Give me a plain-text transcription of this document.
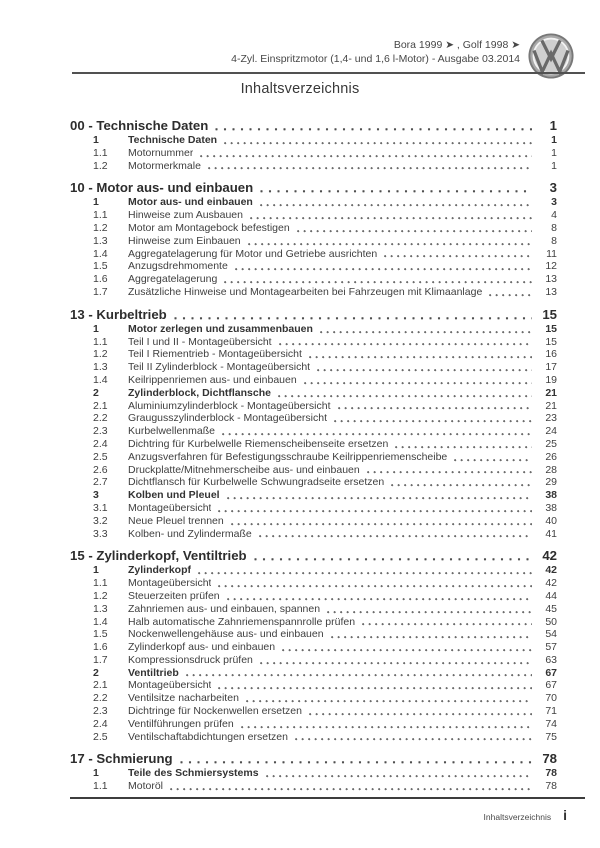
Bora 1999 ➤ , Golf 1998 ➤
4-Zyl. Einspritzmotor (1,4- und 1,6 l-Motor) - Ausgabe 03.2014
Inhaltsverzeichnis
00 - Technische Daten	1
1	Technische Daten	1
1.1	Motornummer	1
1.2	Motormerkmale	1
10 - Motor aus- und einbauen	3
1	Motor aus- und einbauen	3
1.1	Hinweise zum Ausbauen	4
1.2	Motor am Montagebock befestigen	8
1.3	Hinweise zum Einbauen	8
1.4	Aggregatelagerung für Motor und Getriebe ausrichten	11
1.5	Anzugsdrehmomente	12
1.6	Aggregatelagerung	13
1.7	Zusätzliche Hinweise und Montagearbeiten bei Fahrzeugen mit Klimaanlage	13
13 - Kurbeltrieb	15
1	Motor zerlegen und zusammenbauen	15
1.1	Teil I und II - Montageübersicht	15
1.2	Teil I Riementrieb - Montageübersicht	16
1.3	Teil II Zylinderblock - Montageübersicht	17
1.4	Keilrippenriemen aus- und einbauen	19
2	Zylinderblock, Dichtflansche	21
2.1	Aluminiumzylinderblock - Montageübersicht	21
2.2	Graugusszylinderblock - Montageübersicht	23
2.3	Kurbelwellenmaße	24
2.4	Dichtring für Kurbelwelle Riemenscheibenseite ersetzen	25
2.5	Anzugsverfahren für Befestigungsschraube Keilrippenriemenscheibe	26
2.6	Druckplatte/Mitnehmerscheibe aus- und einbauen	28
2.7	Dichtflansch für Kurbelwelle Schwungradseite ersetzen	29
3	Kolben und Pleuel	38
3.1	Montageübersicht	38
3.2	Neue Pleuel trennen	40
3.3	Kolben- und Zylindermaße	41
15 - Zylinderkopf, Ventiltrieb	42
1	Zylinderkopf	42
1.1	Montageübersicht	42
1.2	Steuerzeiten prüfen	44
1.3	Zahnriemen aus- und einbauen, spannen	45
1.4	Halb automatische Zahnriemenspannrolle prüfen	50
1.5	Nockenwellengehäuse aus- und einbauen	54
1.6	Zylinderkopf aus- und einbauen	57
1.7	Kompressionsdruck prüfen	63
2	Ventiltrieb	67
2.1	Montageübersicht	67
2.2	Ventilsitze nacharbeiten	70
2.3	Dichtringe für Nockenwellen ersetzen	71
2.4	Ventilführungen prüfen	74
2.5	Ventilschaftabdichtungen ersetzen	75
17 - Schmierung	78
1	Teile des Schmiersystems	78
1.1	Motoröl	78
Inhaltsverzeichnis i
